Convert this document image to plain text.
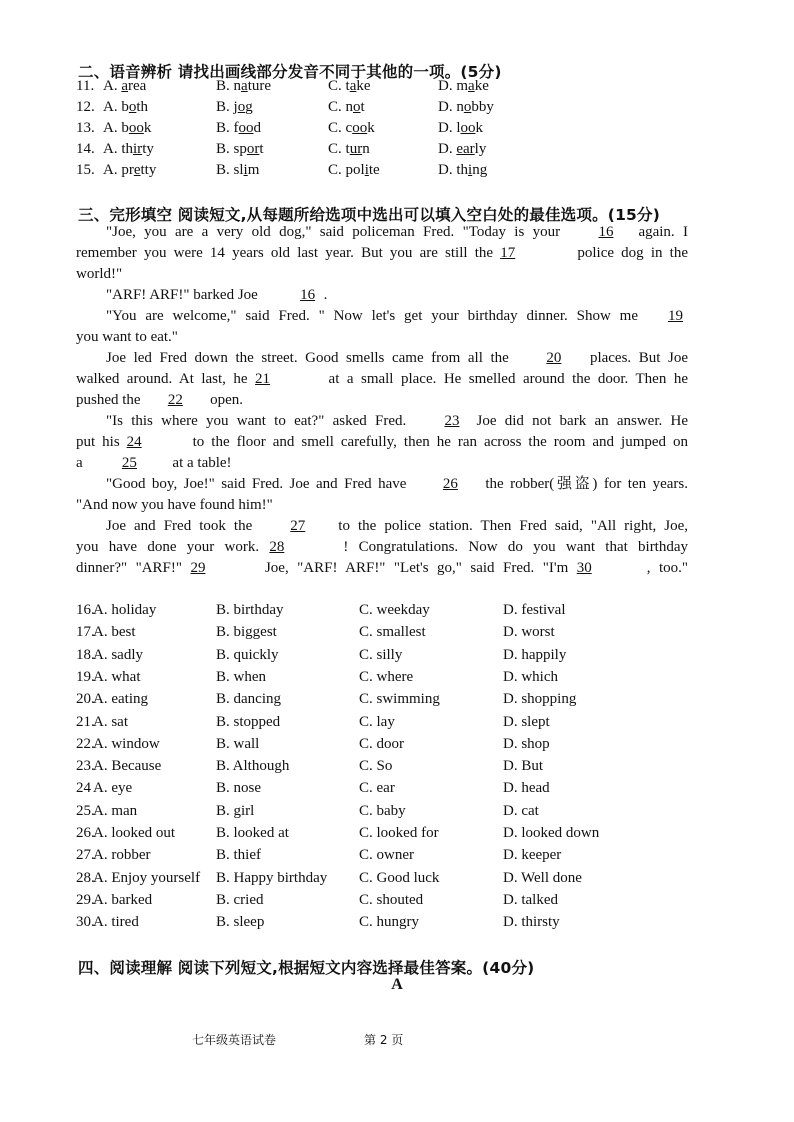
二、语音辨析 请找出画线部分发音不同于其他的一项。(5分)
11. A. area	B. nature	C. take	D. make
12. A. both	B. jog	C. not	D. nobby
13. A. book	B. food	C. cook	D. look
14. A. thirty	B. sport	C. turn	D. early
15. A. pretty	B. slim	C. polite	D. thing
三、完形填空 阅读短文,从每题所给选项中选出可以填入空白处的最佳选项。(15分)
"Joe, you are a very old dog," said policeman Fred. "Today is your 16 again. I
remember you were 14 years old last year. But you are still the 17	police dog in the
world!"
"ARF! ARF!" barked Joe	16 .
"You are welcome," said Fred. " Now let's get your birthday dinner. Show me 19
you want to eat."
Joe led Fred down the street. Good smells came from all the 20 places. But Joe
walked around. At last, he 21	at a small place. He smelled around the door. Then he
pushed the 22 open.
"Is this where you want to eat?" asked Fred. 23 Joe did not bark an answer. He
put his 24	to the floor and smell carefully, then he ran across the room and jumped on
a 25 at a table!
"Good boy, Joe!" said Fred. Joe and Fred have 26 the robber(强盗) for ten years.
"And now you have found him!"
Joe and Fred took the 27 to the police station. Then Fred said, "All right, Joe,
you have done your work. 28	! Congratulations. Now do you want that birthday
dinner?" "ARF!" 29	Joe, "ARF! ARF!" "Let's go," said Fred. "I'm 30	, too."
16.
A. holiday	B. birthday	C. weekday	D. festival
17.
A. best	B. biggest	C. smallest	D. worst
18.
A. sadly	B. quickly	C. silly	D. happily
19.
A. what	B. when	C. where	D. which
20.
A. eating	B. dancing	C. swimming	D. shopping
21.
A. sat	B. stopped	C. lay	D. slept
22.
A. window	B. wall	C. door	D. shop
23.
A. Because	B. Although	C. So	D. But
24 A. eye	B. nose	C. ear	D. head
25.
A. man	B. girl	C. baby	D. cat
26.
A. looked out	B. looked at	C. looked for	D. looked down
27.
A. robber	B. thief	C. owner	D. keeper
28.
A. Enjoy yourself B. Happy birthday C. Good luck	D. Well done
29.
A. barked	B. cried	C. shouted	D. talked
30.
A. tired	B. sleep	C. hungry	D. thirsty
四、阅读理解 阅读下列短文,根据短文内容选择最佳答案。(40分)
A
七年级英语试卷	第 2 页
